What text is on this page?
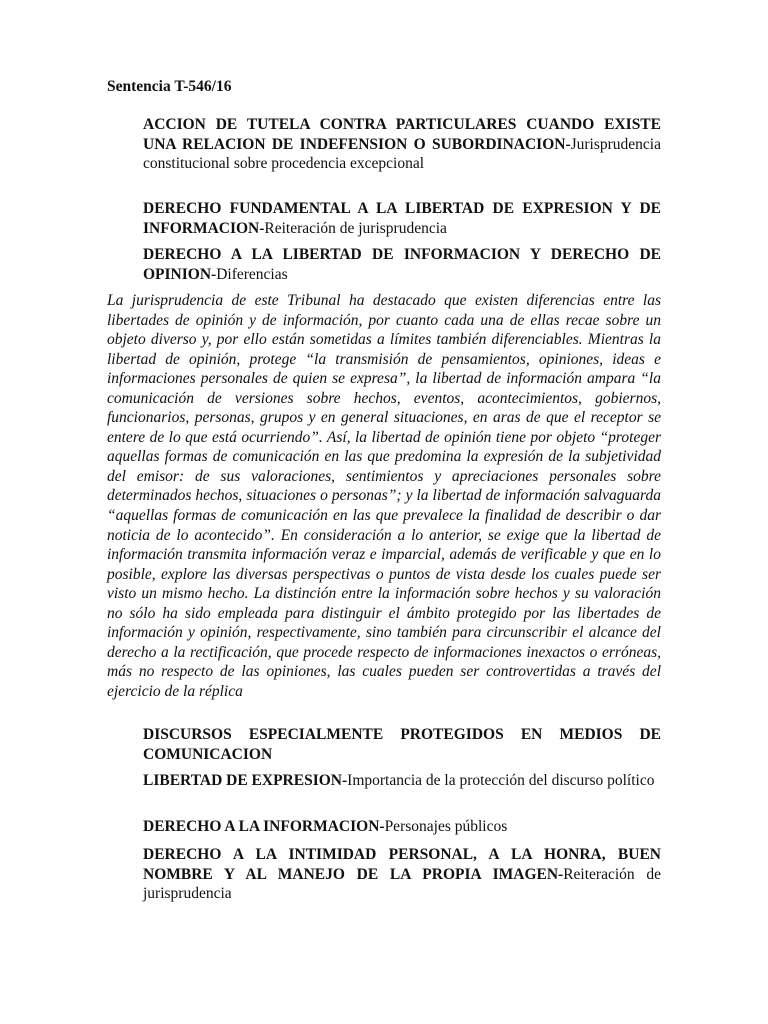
Sentencia T-546/16

ACCION DE TUTELA CONTRA PARTICULARES CUANDO EXISTE UNA RELACION DE INDEFENSION O SUBORDINACION-Jurisprudencia constitucional sobre procedencia excepcional

DERECHO FUNDAMENTAL A LA LIBERTAD DE EXPRESION Y DE INFORMACION-Reiteración de jurisprudencia

DERECHO A LA LIBERTAD DE INFORMACION Y DERECHO DE OPINION-Diferencias

La jurisprudencia de este Tribunal ha destacado que existen diferencias entre las libertades de opinión y de información, por cuanto cada una de ellas recae sobre un objeto diverso y, por ello están sometidas a límites también diferenciables. Mientras la libertad de opinión, protege “la transmisión de pensamientos, opiniones, ideas e informaciones personales de quien se expresa”, la libertad de información ampara “la comunicación de versiones sobre hechos, eventos, acontecimientos, gobiernos, funcionarios, personas, grupos y en general situaciones, en aras de que el receptor se entere de lo que está ocurriendo”. Así, la libertad de opinión tiene por objeto “proteger aquellas formas de comunicación en las que predomina la expresión de la subjetividad del emisor: de sus valoraciones, sentimientos y apreciaciones personales sobre determinados hechos, situaciones o personas”; y la libertad de información salvaguarda “aquellas formas de comunicación en las que prevalece la finalidad de describir o dar noticia de lo acontecido”. En consideración a lo anterior, se exige que la libertad de información transmita información veraz e imparcial, además de verificable y que en lo posible, explore las diversas perspectivas o puntos de vista desde los cuales puede ser visto un mismo hecho. La distinción entre la información sobre hechos y su valoración no sólo ha sido empleada para distinguir el ámbito protegido por las libertades de información y opinión, respectivamente, sino también para circunscribir el alcance del derecho a la rectificación, que procede respecto de informaciones inexactos o erróneas, más no respecto de las opiniones, las cuales pueden ser controvertidas a través del ejercicio de la réplica

DISCURSOS ESPECIALMENTE PROTEGIDOS EN MEDIOS DE COMUNICACION

LIBERTAD DE EXPRESION-Importancia de la protección del discurso político

DERECHO A LA INFORMACION-Personajes públicos

DERECHO A LA INTIMIDAD PERSONAL, A LA HONRA, BUEN NOMBRE Y AL MANEJO DE LA PROPIA IMAGEN-Reiteración de jurisprudencia
